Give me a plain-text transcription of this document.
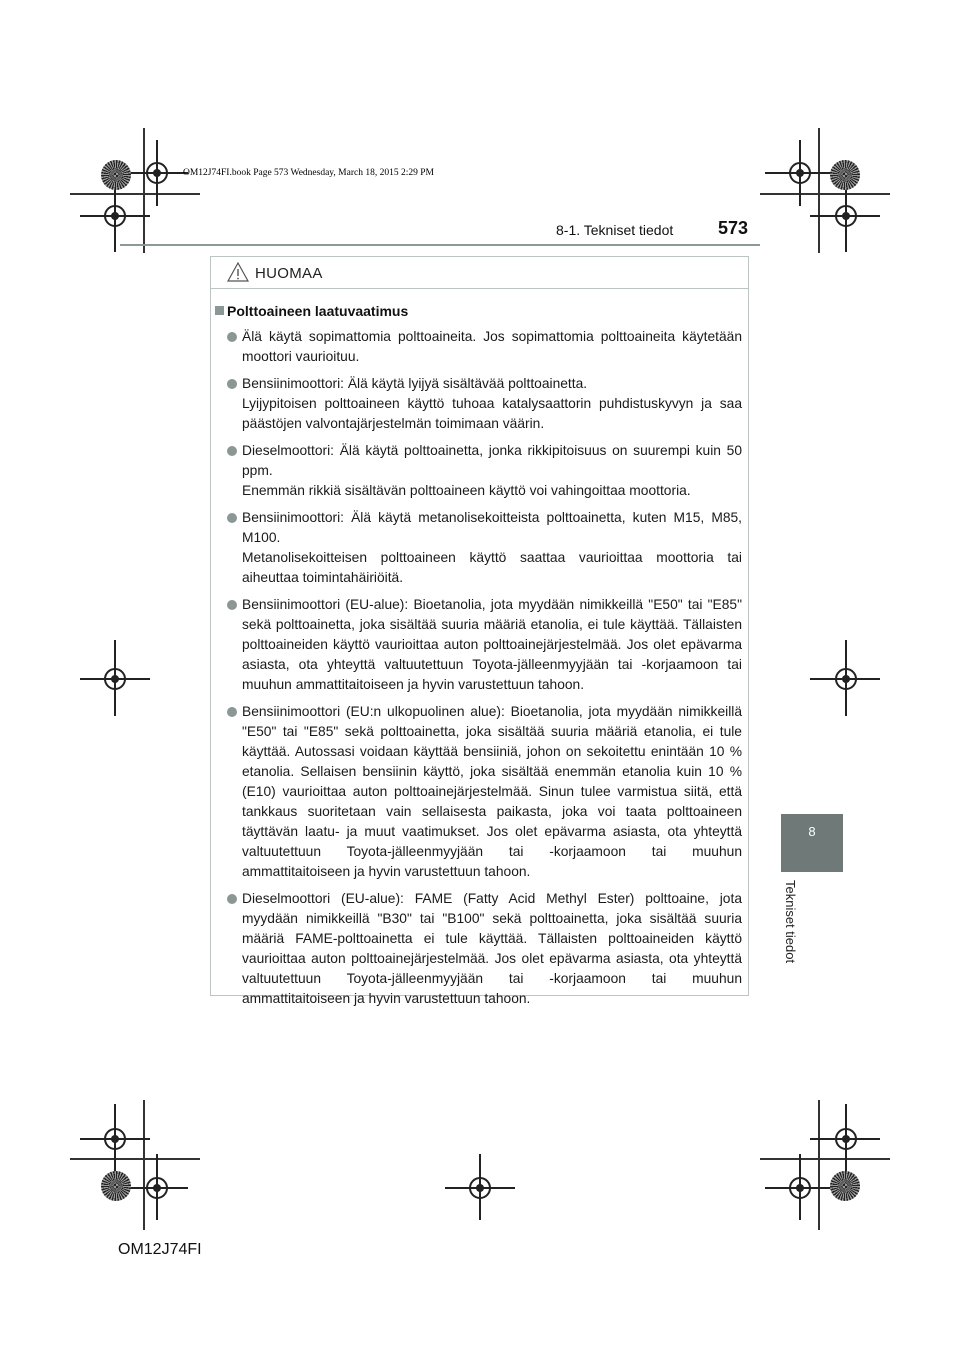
OM12J74FI.book Page 573 Wednesday, March 18, 2015 2:29 PM
8-1. Tekniset tiedot 573
8
Tekniset tiedot
HUOMAA
Polttoaineen laatuvaatimus
Älä käytä sopimattomia polttoaineita. Jos sopimattomia polttoaineita käytetään moottori vaurioituu.
Bensiinimoottori: Älä käytä lyijyä sisältävää polttoainetta.
Lyijypitoisen polttoaineen käyttö tuhoaa katalysaattorin puhdistuskyvyn ja saa päästöjen valvontajärjestelmän toimimaan väärin.
Dieselmoottori: Älä käytä polttoainetta, jonka rikkipitoisuus on suurempi kuin 50 ppm.
Enemmän rikkiä sisältävän polttoaineen käyttö voi vahingoittaa moottoria.
Bensiinimoottori: Älä käytä metanolisekoitteista polttoainetta, kuten M15, M85, M100.
Metanolisekoitteisen polttoaineen käyttö saattaa vaurioittaa moottoria tai aiheuttaa toimintahäiriöitä.
Bensiinimoottori (EU-alue): Bioetanolia, jota myydään nimikkeillä "E50" tai "E85" sekä polttoainetta, joka sisältää suuria määriä etanolia, ei tule käyttää. Tällaisten polttoaineiden käyttö vaurioittaa auton polttoainejärjestelmää. Jos olet epävarma asiasta, ota yhteyttä valtuutettuun Toyota-jälleenmyyjään tai -korjaamoon tai muuhun ammattitaitoiseen ja hyvin varustettuun tahoon.
Bensiinimoottori (EU:n ulkopuolinen alue): Bioetanolia, jota myydään nimikkeillä "E50" tai "E85" sekä polttoainetta, joka sisältää suuria määriä etanolia, ei tule käyttää. Autossasi voidaan käyttää bensiiniä, johon on sekoitettu enintään 10 % etanolia. Sellaisen bensiinin käyttö, joka sisältää enemmän etanolia kuin 10 % (E10) vaurioittaa auton polttoainejärjestelmää. Sinun tulee varmistua siitä, että tankkaus suoritetaan vain sellaisesta paikasta, joka voi taata polttoaineen täyttävän laatu- ja muut vaatimukset. Jos olet epävarma asiasta, ota yhteyttä valtuutettuun Toyota-jälleenmyyjään tai -korjaamoon tai muuhun ammattitaitoiseen ja hyvin varustettuun tahoon.
Dieselmoottori (EU-alue): FAME (Fatty Acid Methyl Ester) polttoaine, jota myydään nimikkeillä "B30" tai "B100" sekä polttoainetta, joka sisältää suuria määriä FAME-polttoainetta ei tule käyttää. Tällaisten polttoaineiden käyttö vaurioittaa auton polttoainejärjestelmää. Jos olet epävarma asiasta, ota yhteyttä valtuutettuun Toyota-jälleenmyyjään tai -korjaamoon tai muuhun ammattitaitoiseen ja hyvin varustettuun tahoon.
OM12J74FI
